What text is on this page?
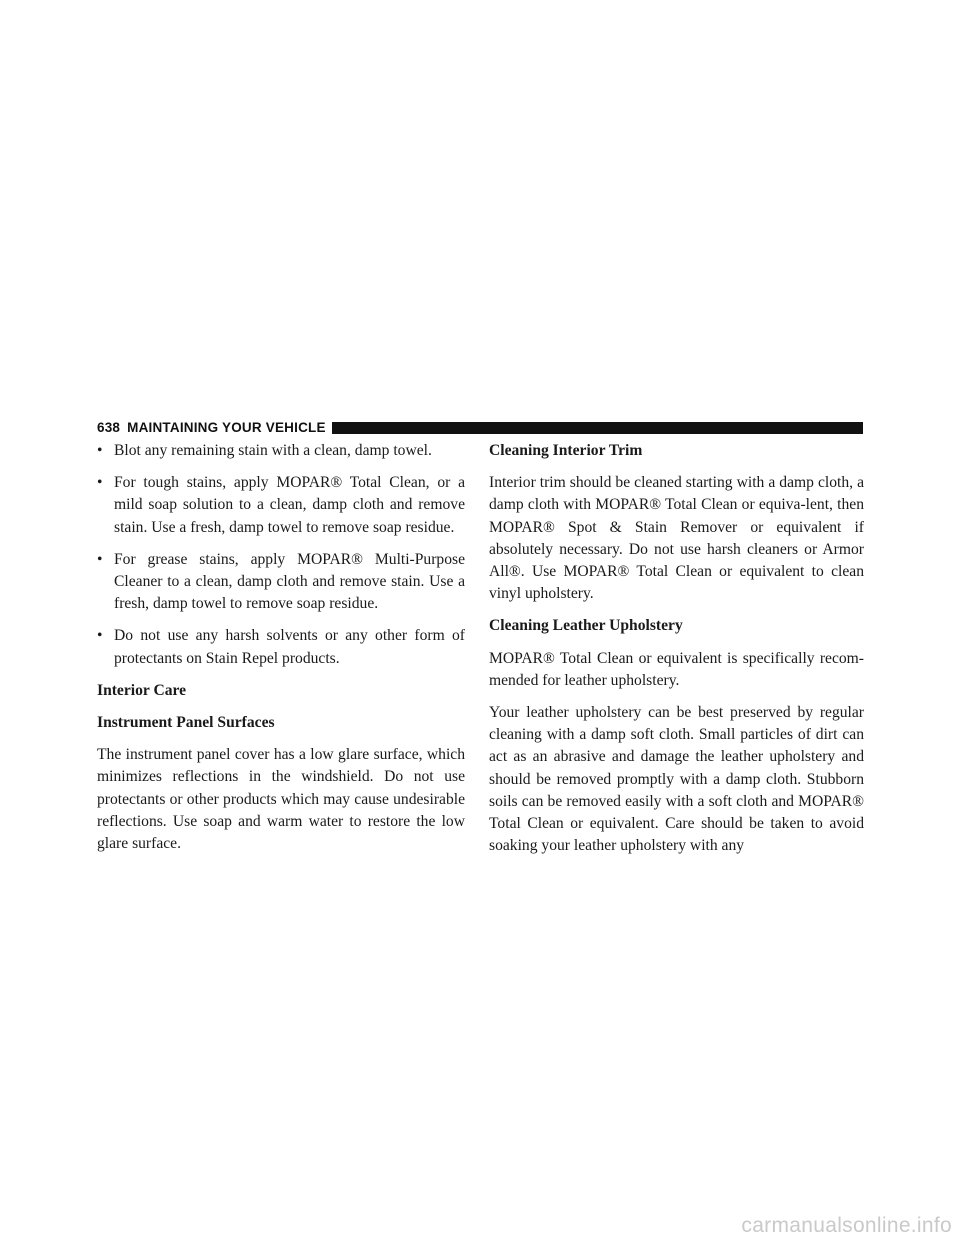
638 MAINTAINING YOUR VEHICLE
• Blot any remaining stain with a clean, damp towel.
• For tough stains, apply MOPAR® Total Clean, or a mild soap solution to a clean, damp cloth and remove stain. Use a fresh, damp towel to remove soap residue.
• For grease stains, apply MOPAR® Multi-Purpose Cleaner to a clean, damp cloth and remove stain. Use a fresh, damp towel to remove soap residue.
• Do not use any harsh solvents or any other form of protectants on Stain Repel products.
Interior Care
Instrument Panel Surfaces

The instrument panel cover has a low glare surface, which minimizes reflections in the windshield. Do not use protectants or other products which may cause undesirable reflections. Use soap and warm water to restore the low glare surface.

Cleaning Interior Trim

Interior trim should be cleaned starting with a damp cloth, a damp cloth with MOPAR® Total Clean or equiva-lent, then MOPAR® Spot & Stain Remover or equivalent if absolutely necessary. Do not use harsh cleaners or Armor All®. Use MOPAR® Total Clean or equivalent to clean vinyl upholstery.

Cleaning Leather Upholstery

MOPAR® Total Clean or equivalent is specifically recom-mended for leather upholstery.

Your leather upholstery can be best preserved by regular cleaning with a damp soft cloth. Small particles of dirt can act as an abrasive and damage the leather upholstery and should be removed promptly with a damp cloth. Stubborn soils can be removed easily with a soft cloth and MOPAR® Total Clean or equivalent. Care should be taken to avoid soaking your leather upholstery with any

carmanualsonline.info
